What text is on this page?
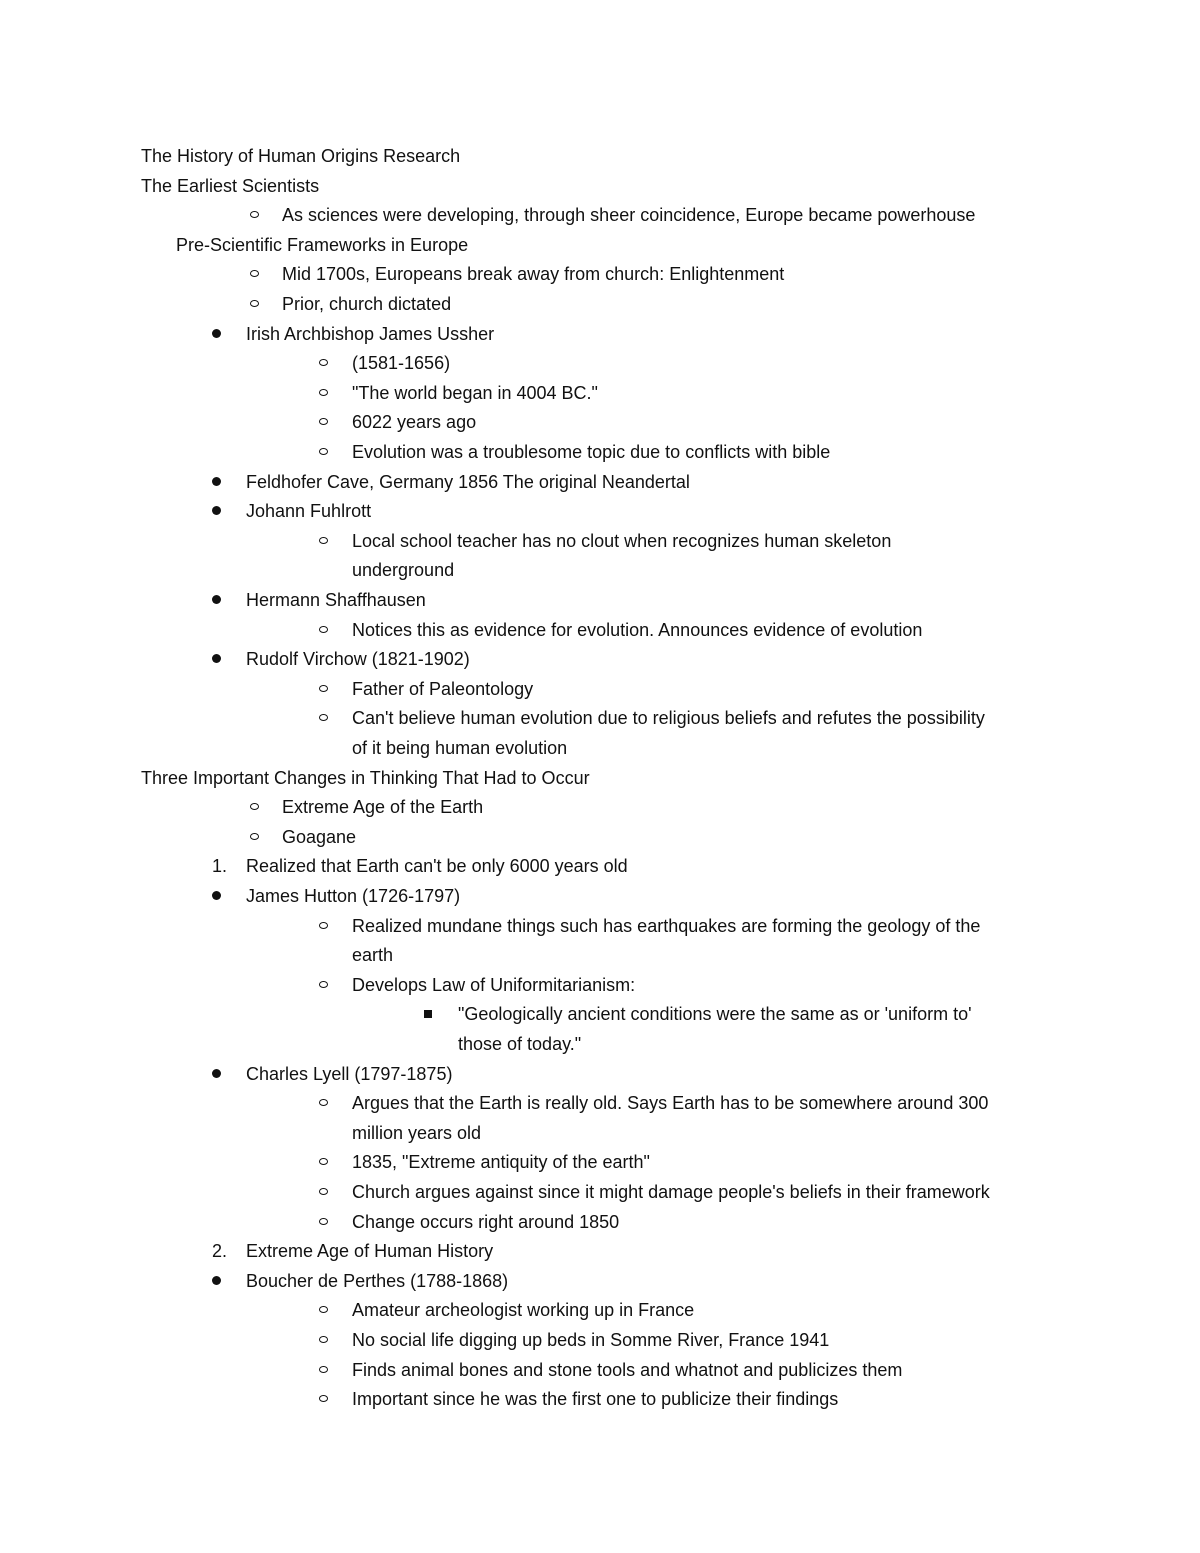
The History of Human Origins Research
The Earliest Scientists
As sciences were developing, through sheer coincidence, Europe became powerhouse
Pre-Scientific Frameworks in Europe
Mid 1700s, Europeans break away from church: Enlightenment
Prior, church dictated
Irish Archbishop James Ussher
(1581-1656)
"The world began in 4004 BC."
6022 years ago
Evolution was a troublesome topic due to conflicts with bible
Feldhofer Cave, Germany 1856 The original Neandertal
Johann Fuhlrott
Local school teacher has no clout when recognizes human skeleton
underground
Hermann Shaffhausen
Notices this as evidence for evolution. Announces evidence of evolution
Rudolf Virchow (1821-1902)
Father of Paleontology
Can't believe human evolution due to religious beliefs and refutes the possibility
of it being human evolution
Three Important Changes in Thinking That Had to Occur
Extreme Age of the Earth
Goagane
1. Realized that Earth can't be only 6000 years old
James Hutton (1726-1797)
Realized mundane things such has earthquakes are forming the geology of the
earth
Develops Law of Uniformitarianism:
"Geologically ancient conditions were the same as or 'uniform to'
those of today."
Charles Lyell (1797-1875)
Argues that the Earth is really old. Says Earth has to be somewhere around 300
million years old
1835, "Extreme antiquity of the earth"
Church argues against since it might damage people's beliefs in their framework
Change occurs right around 1850
2. Extreme Age of Human History
Boucher de Perthes (1788-1868)
Amateur archeologist working up in France
No social life digging up beds in Somme River, France 1941
Finds animal bones and stone tools and whatnot and publicizes them
Important since he was the first one to publicize their findings
